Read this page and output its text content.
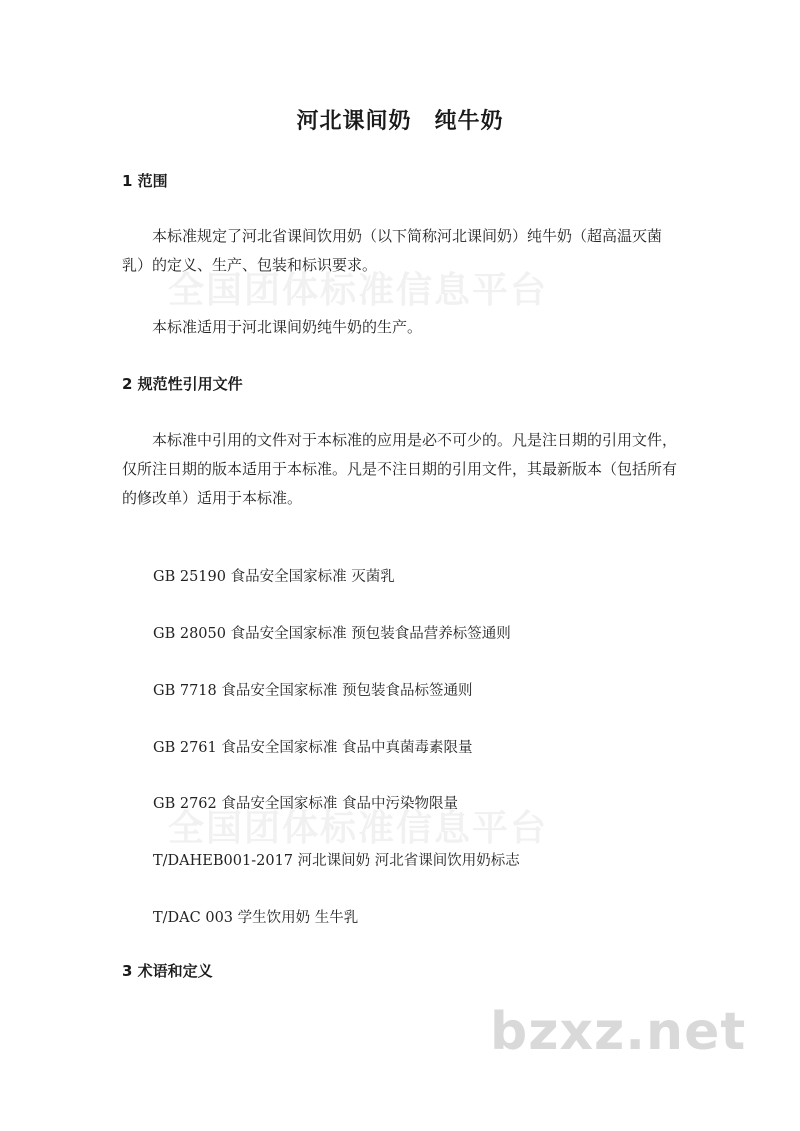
全国团体标准信息平台
全国团体标准信息平台
河北课间奶　纯牛奶
1 范围
本标准规定了河北省课间饮用奶（以下简称河北课间奶）纯牛奶（超高温灭菌乳）的定义、生产、包装和标识要求。
本标准适用于河北课间奶纯牛奶的生产。
2 规范性引用文件
本标准中引用的文件对于本标准的应用是必不可少的。凡是注日期的引用文件，仅所注日期的版本适用于本标准。凡是不注日期的引用文件，其最新版本（包括所有的修改单）适用于本标准。
GB 25190 食品安全国家标准 灭菌乳
GB 28050 食品安全国家标准 预包装食品营养标签通则
GB 7718 食品安全国家标准 预包装食品标签通则
GB 2761 食品安全国家标准 食品中真菌毒素限量
GB 2762 食品安全国家标准 食品中污染物限量
T/DAHEB001-2017 河北课间奶 河北省课间饮用奶标志
T/DAC 003 学生饮用奶 生牛乳
3 术语和定义
bzxz.net
